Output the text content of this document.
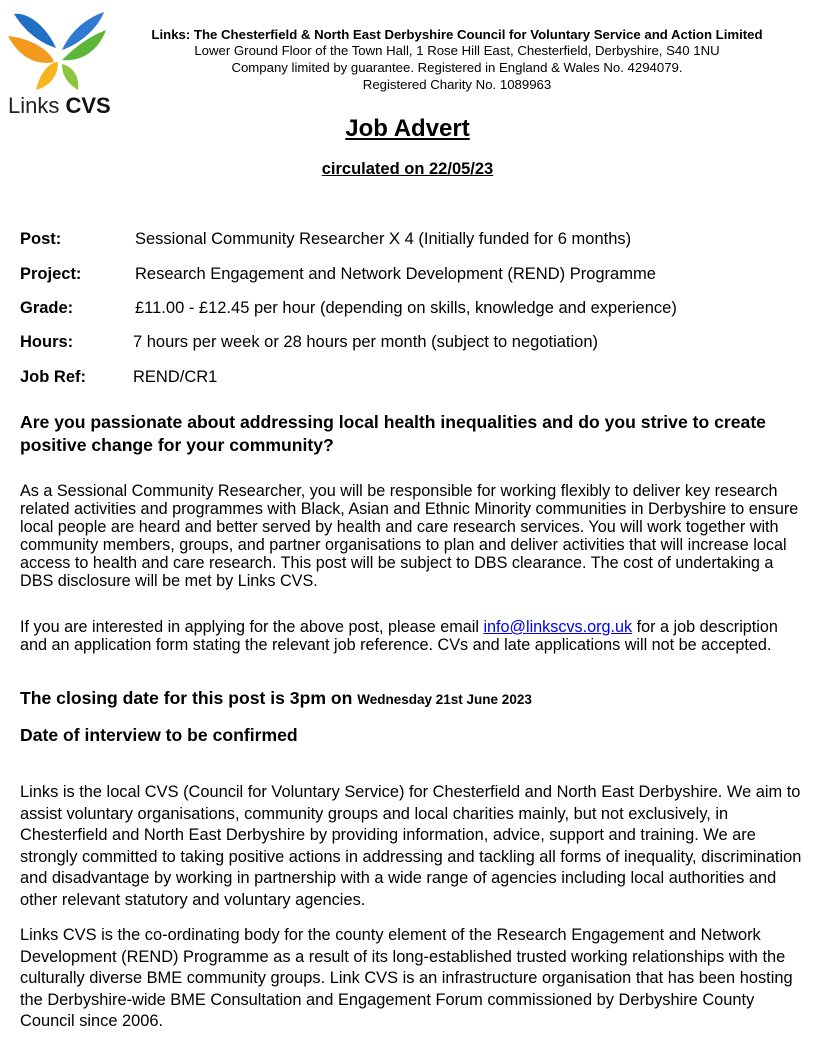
Links CVS
Links: The Chesterfield & North East Derbyshire Council for Voluntary Service and Action Limited
Lower Ground Floor of the Town Hall, 1 Rose Hill East, Chesterfield, Derbyshire, S40 1NU
Company limited by guarantee. Registered in England & Wales No. 4294079.
Registered Charity No. 1089963
Job Advert
circulated on 22/05/23
Post:	Sessional Community Researcher X 4 (Initially funded for 6 months)
Project:	Research Engagement and Network Development (REND) Programme
Grade:	£11.00 - £12.45 per hour (depending on skills, knowledge and experience)
Hours:	7 hours per week or 28 hours per month (subject to negotiation)
Job Ref:	REND/CR1
Are you passionate about addressing local health inequalities and do you strive to create positive change for your community?
As a Sessional Community Researcher, you will be responsible for working flexibly to deliver key research related activities and programmes with Black, Asian and Ethnic Minority communities in Derbyshire to ensure local people are heard and better served by health and care research services. You will work together with community members, groups, and partner organisations to plan and deliver activities that will increase local access to health and care research. This post will be subject to DBS clearance. The cost of undertaking a DBS disclosure will be met by Links CVS.
If you are interested in applying for the above post, please email info@linkscvs.org.uk for a job description and an application form stating the relevant job reference. CVs and late applications will not be accepted.
The closing date for this post is 3pm on Wednesday 21st June 2023
Date of interview to be confirmed
Links is the local CVS (Council for Voluntary Service) for Chesterfield and North East Derbyshire. We aim to assist voluntary organisations, community groups and local charities mainly, but not exclusively, in Chesterfield and North East Derbyshire by providing information, advice, support and training. We are strongly committed to taking positive actions in addressing and tackling all forms of inequality, discrimination and disadvantage by working in partnership with a wide range of agencies including local authorities and other relevant statutory and voluntary agencies.
Links CVS is the co-ordinating body for the county element of the Research Engagement and Network Development (REND) Programme as a result of its long-established trusted working relationships with the culturally diverse BME community groups. Link CVS is an infrastructure organisation that has been hosting the Derbyshire-wide BME Consultation and Engagement Forum commissioned by Derbyshire County Council since 2006.
